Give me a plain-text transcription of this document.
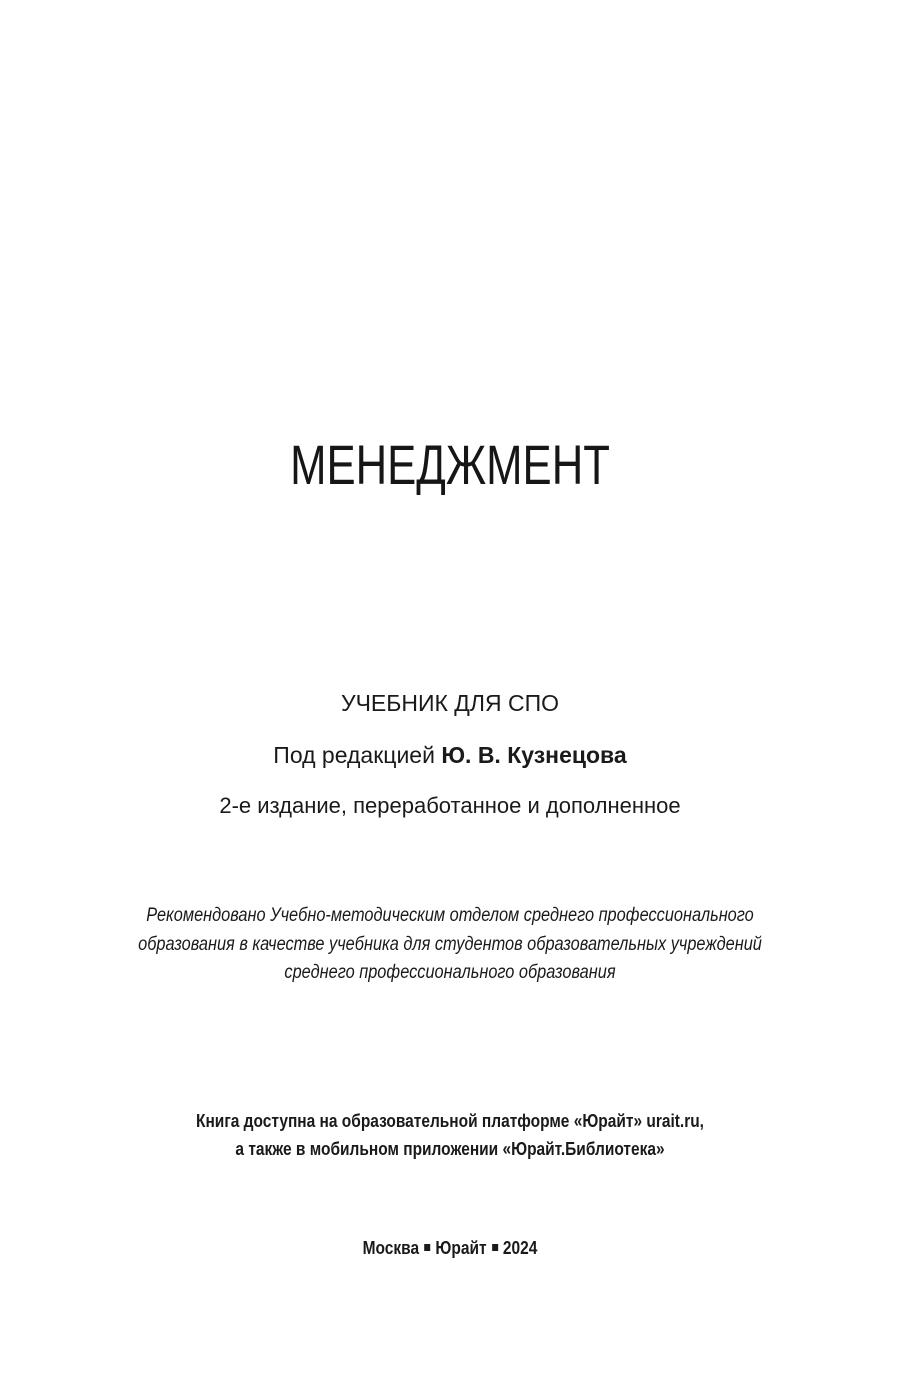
МЕНЕДЖМЕНТ
УЧЕБНИК ДЛЯ СПО
Под редакцией Ю. В. Кузнецова
2-е издание, переработанное и дополненное
Рекомендовано Учебно-методическим отделом среднего профессионального
образования в качестве учебника для студентов образовательных учреждений
среднего профессионального образования
Книга доступна на образовательной платформе «Юрайт» urait.ru,
а также в мобильном приложении «Юрайт.Библиотека»
Москва Юрайт 2024
